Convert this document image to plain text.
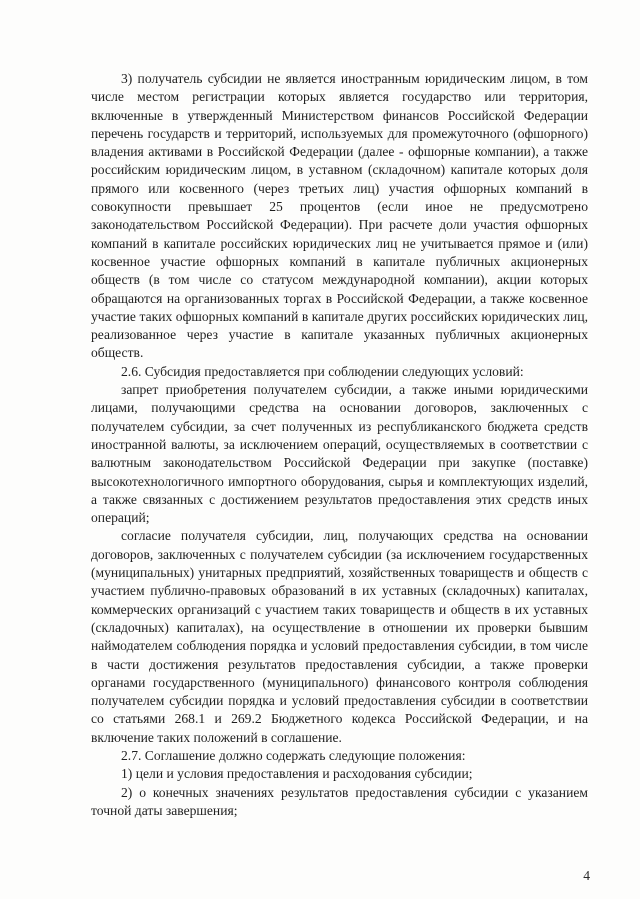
3) получатель субсидии не является иностранным юридическим лицом, в том числе местом регистрации которых является государство или территория, включенные в утвержденный Министерством финансов Российской Федерации перечень государств и территорий, используемых для промежуточного (офшорного) владения активами в Российской Федерации (далее - офшорные компании), а также российским юридическим лицом, в уставном (складочном) капитале которых доля прямого или косвенного (через третьих лиц) участия офшорных компаний в совокупности превышает 25 процентов (если иное не предусмотрено законодательством Российской Федерации). При расчете доли участия офшорных компаний в капитале российских юридических лиц не учитывается прямое и (или) косвенное участие офшорных компаний в капитале публичных акционерных обществ (в том числе со статусом международной компании), акции которых обращаются на организованных торгах в Российской Федерации, а также косвенное участие таких офшорных компаний в капитале других российских юридических лиц, реализованное через участие в капитале указанных публичных акционерных обществ.

2.6. Субсидия предоставляется при соблюдении следующих условий:

запрет приобретения получателем субсидии, а также иными юридическими лицами, получающими средства на основании договоров, заключенных с получателем субсидии, за счет полученных из республиканского бюджета средств иностранной валюты, за исключением операций, осуществляемых в соответствии с валютным законодательством Российской Федерации при закупке (поставке) высокотехнологичного импортного оборудования, сырья и комплектующих изделий, а также связанных с достижением результатов предоставления этих средств иных операций;

согласие получателя субсидии, лиц, получающих средства на основании договоров, заключенных с получателем субсидии (за исключением государственных (муниципальных) унитарных предприятий, хозяйственных товариществ и обществ с участием публично-правовых образований в их уставных (складочных) капиталах, коммерческих организаций с участием таких товариществ и обществ в их уставных (складочных) капиталах), на осуществление в отношении их проверки бывшим наймодателем соблюдения порядка и условий предоставления субсидии, в том числе в части достижения результатов предоставления субсидии, а также проверки органами государственного (муниципального) финансового контроля соблюдения получателем субсидии порядка и условий предоставления субсидии в соответствии со статьями 268.1 и 269.2 Бюджетного кодекса Российской Федерации, и на включение таких положений в соглашение.

2.7. Соглашение должно содержать следующие положения:

1) цели и условия предоставления и расходования субсидии;

2) о конечных значениях результатов предоставления субсидии с указанием точной даты завершения;

4
